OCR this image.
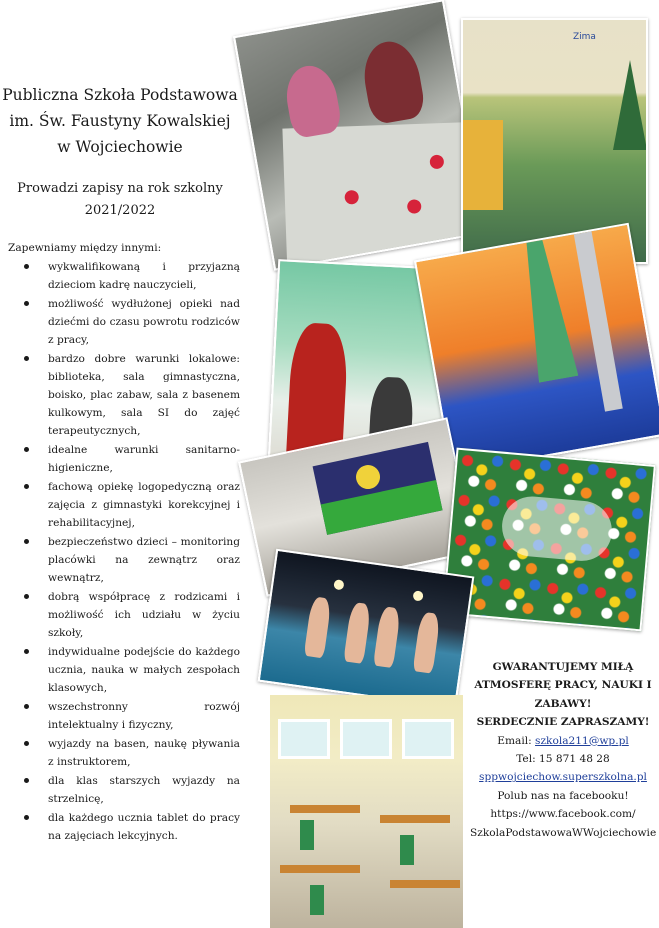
Publiczna Szkoła Podstawowa
im. Św. Faustyny Kowalskiej
w Wojciechowie
Prowadzi zapisy na rok szkolny
2021/2022
Zapewniamy między innymi:
wykwalifikowaną i przyjazną dzieciom kadrę nauczycieli,
możliwość wydłużonej opieki nad dziećmi do czasu powrotu rodziców z pracy,
bardzo dobre warunki lokalowe: biblioteka, sala gimnastyczna, boisko, plac zabaw, sala z basenem kulkowym, sala SI do zajęć terapeutycznych,
idealne warunki sanitarno-higieniczne,
fachową opiekę logopedyczną oraz zajęcia z gimnastyki korekcyjnej i rehabilitacyjnej,
bezpieczeństwo dzieci – monitoring placówki na zewnątrz oraz wewnątrz,
dobrą współpracę z rodzicami i możliwość ich udziału w życiu szkoły,
indywidualne podejście do każdego ucznia, nauka w małych zespołach klasowych,
wszechstronny rozwój intelektualny i fizyczny,
wyjazdy na basen, naukę pływania z instruktorem,
dla klas starszych wyjazdy na strzelnicę,
dla każdego ucznia tablet do pracy na zajęciach lekcyjnych.
Zima
GWARANTUJEMY MIŁĄ
ATMOSFERĘ PRACY, NAUKI I
ZABAWY!
SERDECZNIE ZAPRASZAMY!
Email: szkola211@wp.pl
Tel: 15 871 48 28
sppwojciechow.superszkolna.pl
Polub nas na facebooku!
https://www.facebook.com/
SzkolaPodstawowaWWojciechowie
